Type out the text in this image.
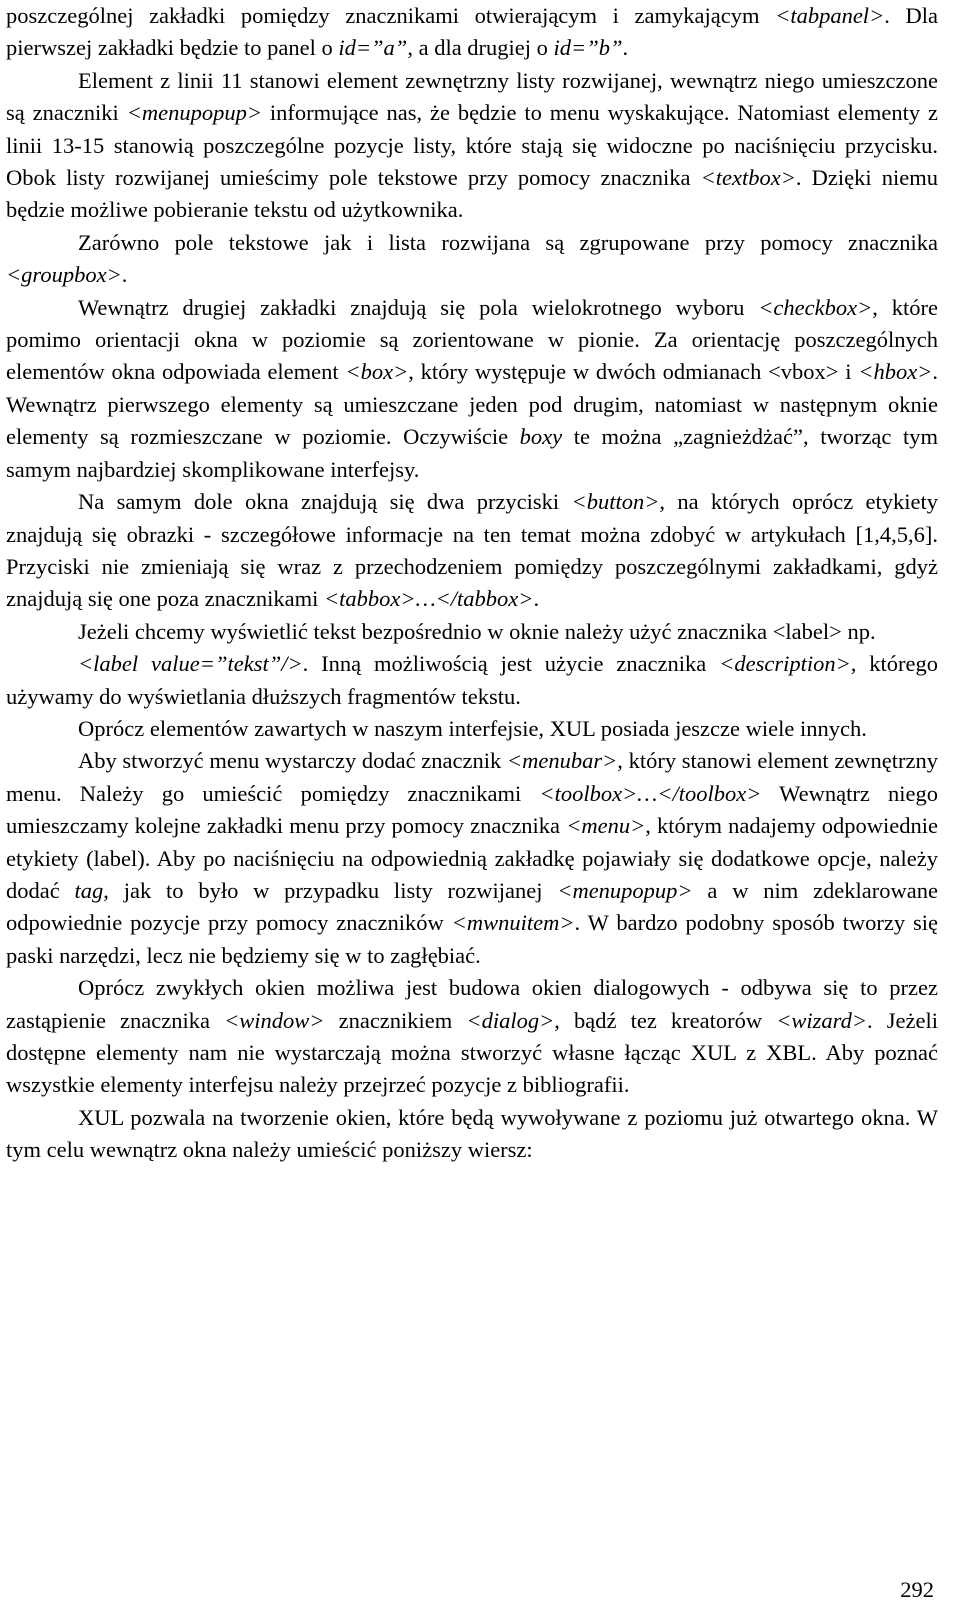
poszczególnej zakładki pomiędzy znacznikami otwierającym i zamykającym <tabpanel>. Dla pierwszej zakładki będzie to panel o id=”a”, a dla drugiej o id=”b”.

Element z linii 11 stanowi element zewnętrzny listy rozwijanej, wewnątrz niego umieszczone są znaczniki <menupopup> informujące nas, że będzie to menu wyskakujące. Natomiast elementy z linii 13-15 stanowią poszczególne pozycje listy, które stają się widoczne po naciśnięciu przycisku. Obok listy rozwijanej umieścimy pole tekstowe przy pomocy znacznika <textbox>. Dzięki niemu będzie możliwe pobieranie tekstu od użytkownika.

Zarówno pole tekstowe jak i lista rozwijana są zgrupowane przy pomocy znacznika <groupbox>.

Wewnątrz drugiej zakładki znajdują się pola wielokrotnego wyboru <checkbox>, które pomimo orientacji okna w poziomie są zorientowane w pionie. Za orientację poszczególnych elementów okna odpowiada element <box>, który występuje w dwóch odmianach <vbox> i <hbox>. Wewnątrz pierwszego elementy są umieszczane jeden pod drugim, natomiast w następnym oknie elementy są rozmieszczane w poziomie. Oczywiście boxy te można „zagnieżdżać”, tworząc tym samym najbardziej skomplikowane interfejsy.

Na samym dole okna znajdują się dwa przyciski <button>, na których oprócz etykiety znajdują się obrazki - szczegółowe informacje na ten temat można zdobyć w artykułach [1,4,5,6]. Przyciski nie zmieniają się wraz z przechodzeniem pomiędzy poszczególnymi zakładkami, gdyż znajdują się one poza znacznikami <tabbox>…</tabbox>.

Jeżeli chcemy wyświetlić tekst bezpośrednio w oknie należy użyć znacznika <label> np.

<label value=”tekst”/>. Inną możliwością jest użycie znacznika <description>, którego używamy do wyświetlania dłuższych fragmentów tekstu.

Oprócz elementów zawartych w naszym interfejsie, XUL posiada jeszcze wiele innych.

Aby stworzyć menu wystarczy dodać znacznik <menubar>, który stanowi element zewnętrzny menu. Należy go umieścić pomiędzy znacznikami <toolbox>…</toolbox> Wewnątrz niego umieszczamy kolejne zakładki menu przy pomocy znacznika <menu>, którym nadajemy odpowiednie etykiety (label). Aby po naciśnięciu na odpowiednią zakładkę pojawiały się dodatkowe opcje, należy dodać tag, jak to było w przypadku listy rozwijanej <menupopup> a w nim zdeklarowane odpowiednie pozycje przy pomocy znaczników <mwnuitem>. W bardzo podobny sposób tworzy się paski narzędzi, lecz nie będziemy się w to zagłębiać.

Oprócz zwykłych okien możliwa jest budowa okien dialogowych - odbywa się to przez zastąpienie znacznika <window> znacznikiem <dialog>, bądź tez kreatorów <wizard>. Jeżeli dostępne elementy nam nie wystarczają można stworzyć własne łącząc XUL z XBL. Aby poznać wszystkie elementy interfejsu należy przejrzeć pozycje z bibliografii.

XUL pozwala na tworzenie okien, które będą wywoływane z poziomu już otwartego okna. W tym celu wewnątrz okna należy umieścić poniższy wiersz:

292
